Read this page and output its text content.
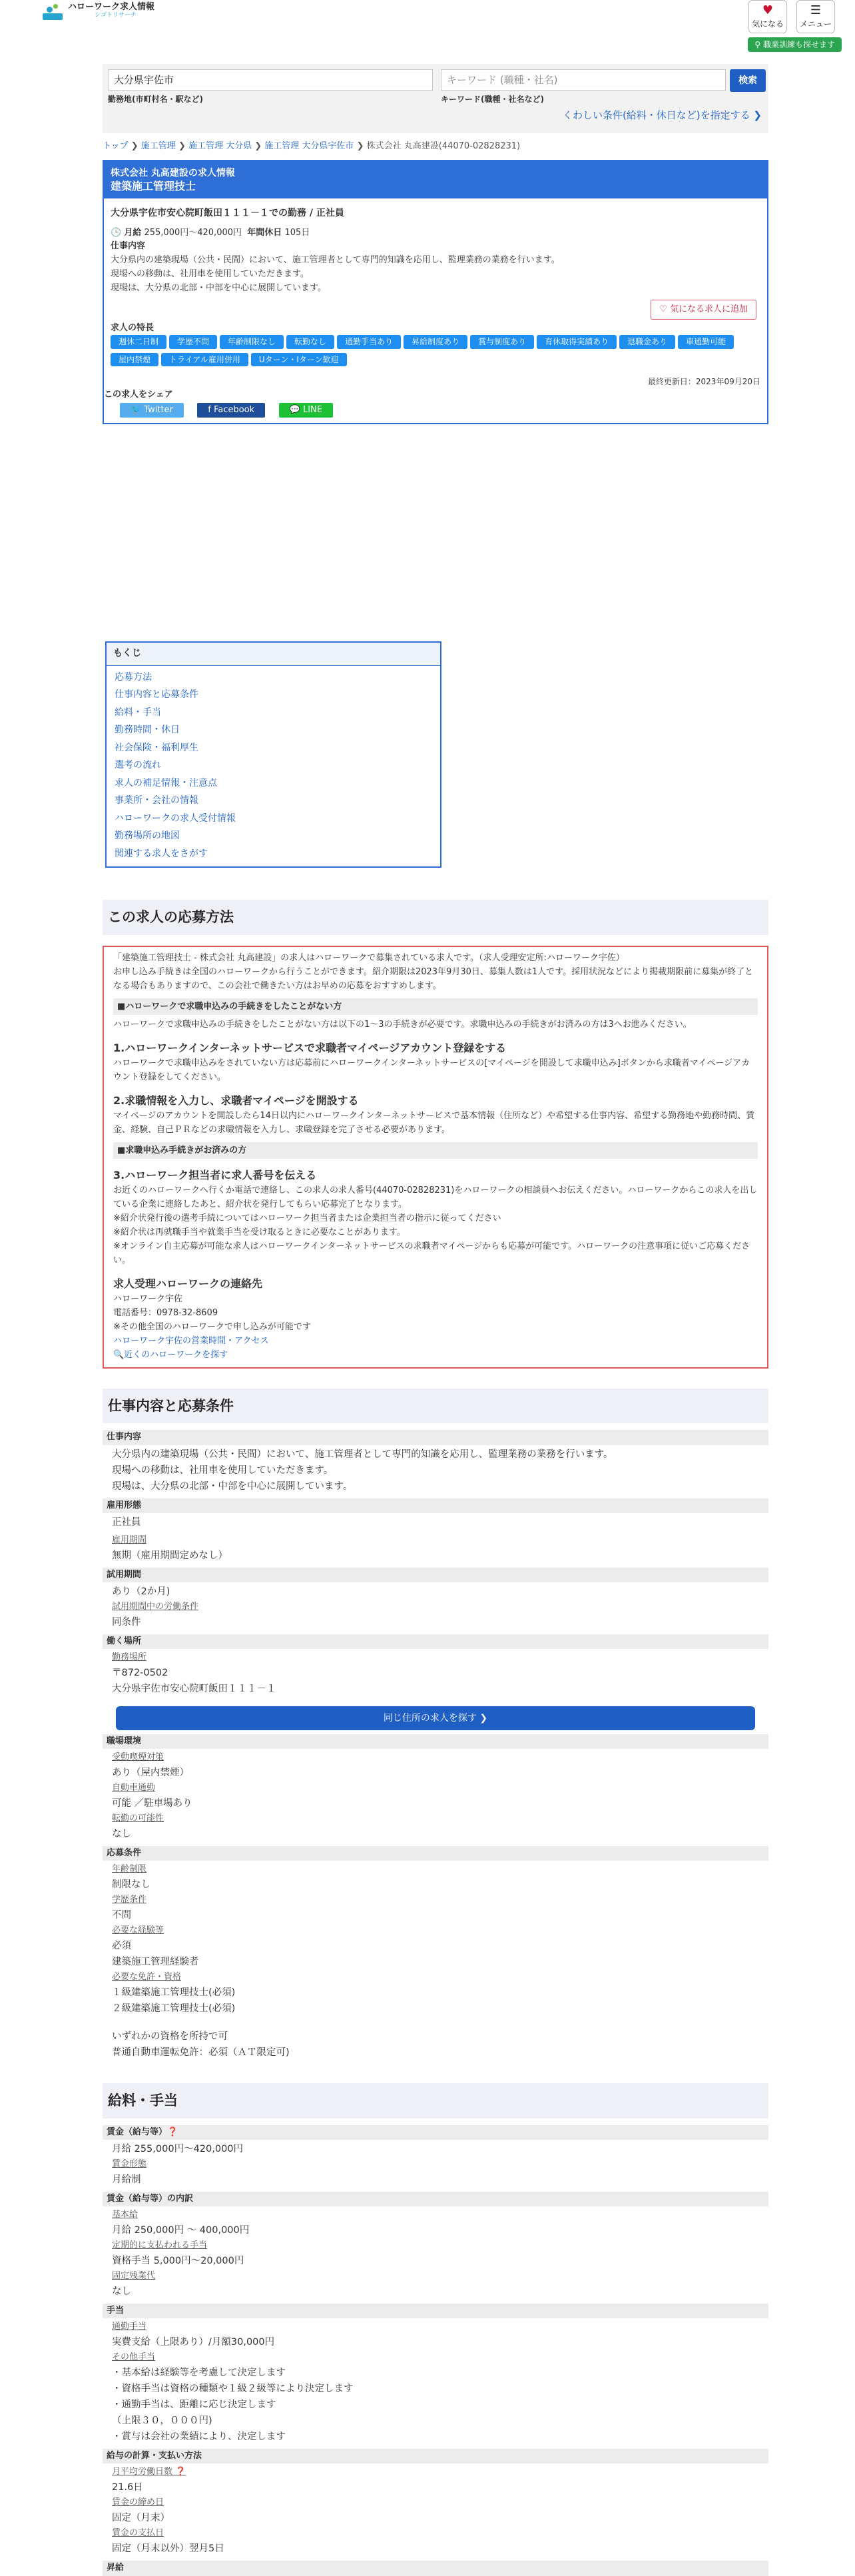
ハローワーク求人情報
シゴトリサーチ	♥
気になる
☰
メニュー
⚲ 職業訓練も探せます
大分県宇佐市
勤務地(市町村名・駅など)
キーワード (職種・社名)
キーワード(職種・社名など)
検索
くわしい条件(給料・休日など)を指定する ❯
トップ ❯ 施工管理 ❯ 施工管理 大分県 ❯ 施工管理 大分県宇佐市 ❯ 株式会社 丸高建設(44070-02828231)
株式会社 丸高建設の求人情報
建築施工管理技士
大分県宇佐市安心院町飯田１１１－１での勤務 / 正社員
🕒 月給 255,000円〜420,000円 年間休日 105日
仕事内容
大分県内の建築現場（公共・民間）において、施工管理者として専門的知識を応用し、監理業務の業務を行います。
現場への移動は、社用車を使用していただきます。
現場は、大分県の北部・中部を中心に展開しています。
求人の特長
週休二日制 学歴不問 年齢制限なし 転勤なし 通勤手当あり 昇給制度あり 賞与制度あり 育休取得実績あり 退職金あり 車通勤可能屋内禁煙 トライアル雇用併用 Uターン・Iターン歓迎
最終更新日：2023年09月20日
この求人をシェア
🐦 Twitter	f Facebook	💬 LINE
♡ 気になる求人に追加
もくじ
応募方法
仕事内容と応募条件
給料・手当
勤務時間・休日
社会保険・福利厚生
選考の流れ
求人の補足情報・注意点
事業所・会社の情報
ハローワークの求人受付情報
勤務場所の地図
関連する求人をさがす
この求人の応募方法
「建築施工管理技士 - 株式会社 丸高建設」の求人はハローワークで募集されている求人です。（求人受理安定所:ハローワーク宇佐）
お申し込み手続きは全国のハローワークから行うことができます。紹介期限は2023年9月30日、募集人数は1人です。採用状況などにより掲載期限前に募集が終了となる場合もありますので、この会社で働きたい方はお早めの応募をおすすめします。
■ハローワークで求職申込みの手続きをしたことがない方
ハローワークで求職申込みの手続きをしたことがない方は以下の1〜3の手続きが必要です。求職申込みの手続きがお済みの方は3へお進みください。
1.ハローワークインターネットサービスで求職者マイページアカウント登録をする
ハローワークで求職申込みをされていない方は応募前にハローワークインターネットサービスの[マイページを開設して求職申込み]ボタンから求職者マイページアカウント登録をしてください。
2.求職情報を入力し、求職者マイページを開設する
マイページのアカウントを開設したら14日以内にハローワークインターネットサービスで基本情報（住所など）や希望する仕事内容、希望する勤務地や勤務時間、賃金、経験、自己ＰＲなどの求職情報を入力し、求職登録を完了させる必要があります。
■求職申込み手続きがお済みの方
3.ハローワーク担当者に求人番号を伝える
お近くのハローワークへ行くか電話で連絡し、この求人の求人番号(44070-02828231)をハローワークの相談員へお伝えください。ハローワークからこの求人を出している企業に連絡したあと、紹介状を発行してもらい応募完了となります。
※紹介状発行後の選考手続についてはハローワーク担当者または企業担当者の指示に従ってください
※紹介状は再就職手当や就業手当を受け取るときに必要なことがあります。
※オンライン自主応募が可能な求人はハローワークインターネットサービスの求職者マイページからも応募が可能です。ハローワークの注意事項に従いご応募ください。
求人受理ハローワークの連絡先
ハローワーク宇佐
電話番号：0978-32-8609
※その他全国のハローワークで申し込みが可能です
ハローワーク宇佐の営業時間・アクセス
🔍近くのハローワークを探す
仕事内容と応募条件
仕事内容
大分県内の建築現場（公共・民間）において、施工管理者として専門的知識を応用し、監理業務の業務を行います。
現場への移動は、社用車を使用していただきます。
現場は、大分県の北部・中部を中心に展開しています。
雇用形態
正社員
雇用期間
無期（雇用期間定めなし）
試用期間
あり（2か月)
試用期間中の労働条件
同条件
働く場所
勤務場所
〒872-0502
大分県宇佐市安心院町飯田１１１－１
同じ住所の求人を探す ❯
職場環境
受動喫煙対策
あり（屋内禁煙）
自動車通勤
可能 ／駐車場あり
転勤の可能性
なし
応募条件
年齢制限
制限なし
学歴条件
不問
必要な経験等
必須
建築施工管理経験者
必要な免許・資格
１級建築施工管理技士(必須)
２級建築施工管理技士(必須)
いずれかの資格を所持で可
普通自動車運転免許：必須（ＡＴ限定可)
給料・手当
賃金（給与等）❓
月給 255,000円〜420,000円
賃金形態
月給制
賃金（給与等）の内訳
基本給
月給 250,000円 〜 400,000円
定期的に支払われる手当
資格手当 5,000円〜20,000円
固定残業代
なし
手当
通勤手当
実費支給（上限あり）/月額30,000円
その他手当
・基本給は経験等を考慮して決定します
・資格手当は資格の種類や１級２級等により決定します
・通勤手当は、距離に応じ決定します
（上限３０，０００円)
・賞与は会社の業績により、決定します
給与の計算・支払い方法
月平均労働日数 ❓
21.6日
賃金の締め日
固定（月末）
賃金の支払日
固定（月末以外）翌月5日
昇給
